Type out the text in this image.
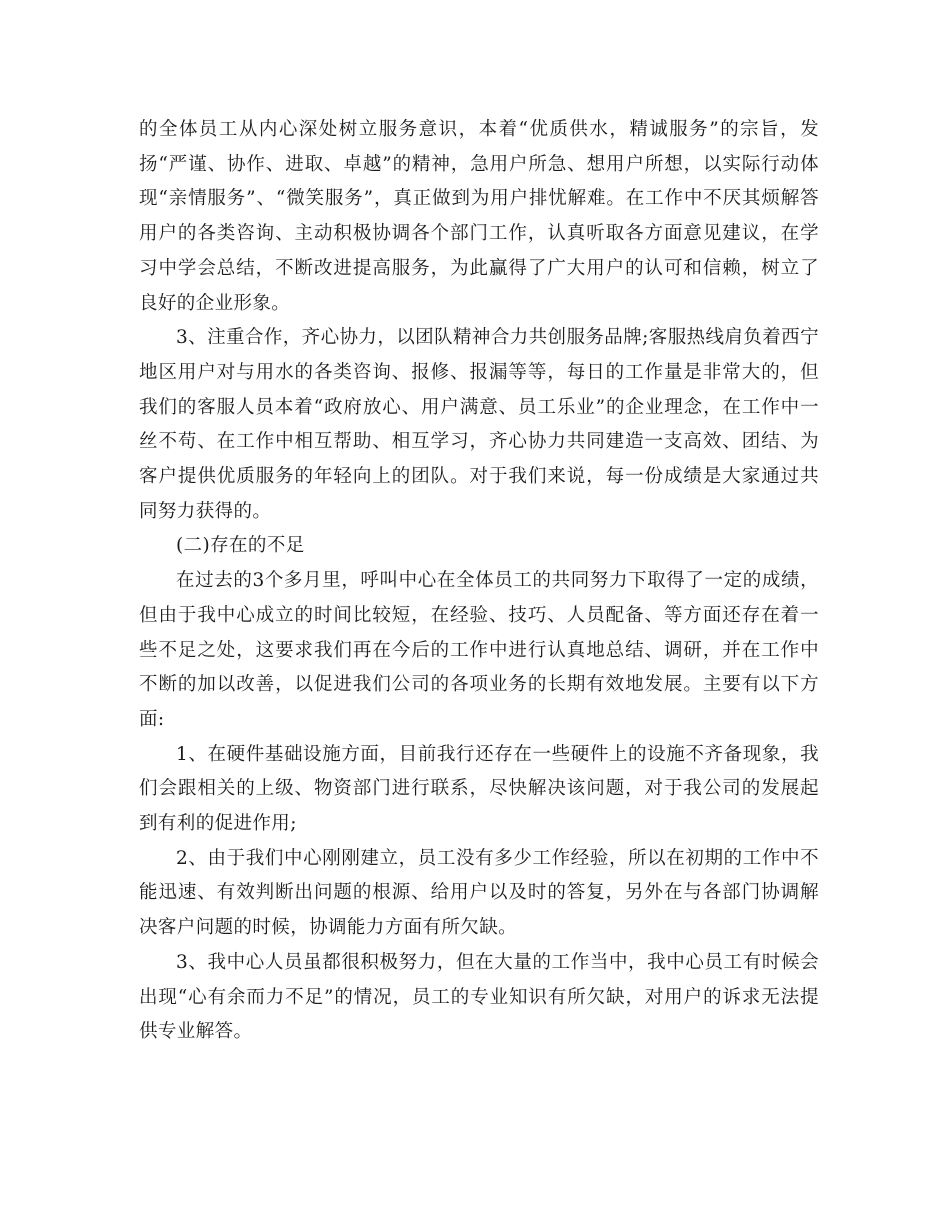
的全体员工从内心深处树立服务意识，本着“优质供水，精诚服务”的宗旨，发扬“严谨、协作、进取、卓越”的精神，急用户所急、想用户所想，以实际行动体现“亲情服务”、“微笑服务”，真正做到为用户排忧解难。在工作中不厌其烦解答用户的各类咨询、主动积极协调各个部门工作，认真听取各方面意见建议，在学习中学会总结，不断改进提高服务，为此赢得了广大用户的认可和信赖，树立了良好的企业形象。

3、注重合作，齐心协力，以团队精神合力共创服务品牌;客服热线肩负着西宁地区用户对与用水的各类咨询、报修、报漏等等，每日的工作量是非常大的，但我们的客服人员本着“政府放心、用户满意、员工乐业”的企业理念，在工作中一丝不苟、在工作中相互帮助、相互学习，齐心协力共同建造一支高效、团结、为客户提供优质服务的年轻向上的团队。对于我们来说，每一份成绩是大家通过共同努力获得的。

(二)存在的不足

在过去的3个多月里，呼叫中心在全体员工的共同努力下取得了一定的成绩，但由于我中心成立的时间比较短，在经验、技巧、人员配备、等方面还存在着一些不足之处，这要求我们再在今后的工作中进行认真地总结、调研，并在工作中不断的加以改善，以促进我们公司的各项业务的长期有效地发展。主要有以下方面:

1、在硬件基础设施方面，目前我行还存在一些硬件上的设施不齐备现象，我们会跟相关的上级、物资部门进行联系，尽快解决该问题，对于我公司的发展起到有利的促进作用;

2、由于我们中心刚刚建立，员工没有多少工作经验，所以在初期的工作中不能迅速、有效判断出问题的根源、给用户以及时的答复，另外在与各部门协调解决客户问题的时候，协调能力方面有所欠缺。

3、我中心人员虽都很积极努力，但在大量的工作当中，我中心员工有时候会出现“心有余而力不足”的情况，员工的专业知识有所欠缺，对用户的诉求无法提供专业解答。
